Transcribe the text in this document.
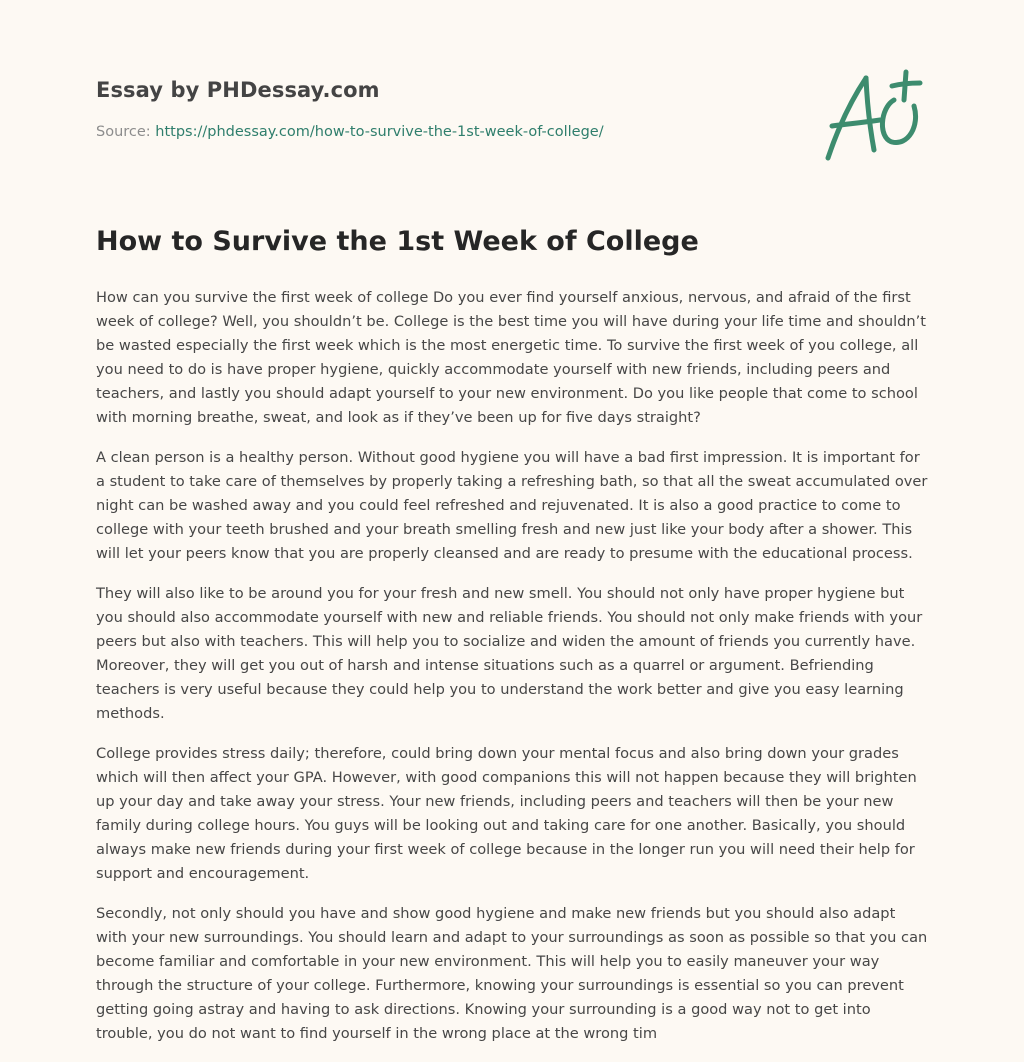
Essay by PHDessay.com
Source: https://phdessay.com/how-to-survive-the-1st-week-of-college/
How to Survive the 1st Week of College

How can you survive the first week of college Do you ever find yourself anxious, nervous, and afraid of the first week of college? Well, you shouldn’t be. College is the best time you will have during your life time and shouldn’t be wasted especially the first week which is the most energetic time. To survive the first week of you college, all you need to do is have proper hygiene, quickly accommodate yourself with new friends, including peers and teachers, and lastly you should adapt yourself to your new environment. Do you like people that come to school with morning breathe, sweat, and look as if they’ve been up for five days straight?

A clean person is a healthy person. Without good hygiene you will have a bad first impression. It is important for a student to take care of themselves by properly taking a refreshing bath, so that all the sweat accumulated over night can be washed away and you could feel refreshed and rejuvenated. It is also a good practice to come to college with your teeth brushed and your breath smelling fresh and new just like your body after a shower. This will let your peers know that you are properly cleansed and are ready to presume with the educational process.

They will also like to be around you for your fresh and new smell. You should not only have proper hygiene but you should also accommodate yourself with new and reliable friends. You should not only make friends with your peers but also with teachers. This will help you to socialize and widen the amount of friends you currently have. Moreover, they will get you out of harsh and intense situations such as a quarrel or argument. Befriending teachers is very useful because they could help you to understand the work better and give you easy learning methods.

College provides stress daily; therefore, could bring down your mental focus and also bring down your grades which will then affect your GPA. However, with good companions this will not happen because they will brighten up your day and take away your stress. Your new friends, including peers and teachers will then be your new family during college hours. You guys will be looking out and taking care for one another. Basically, you should always make new friends during your first week of college because in the longer run you will need their help for support and encouragement.

Secondly, not only should you have and show good hygiene and make new friends but you should also adapt with your new surroundings. You should learn and adapt to your surroundings as soon as possible so that you can become familiar and comfortable in your new environment. This will help you to easily maneuver your way through the structure of your college. Furthermore, knowing your surroundings is essential so you can prevent getting going astray and having to ask directions. Knowing your surrounding is a good way not to get into trouble, you do not want to find yourself in the wrong place at the wrong tim
